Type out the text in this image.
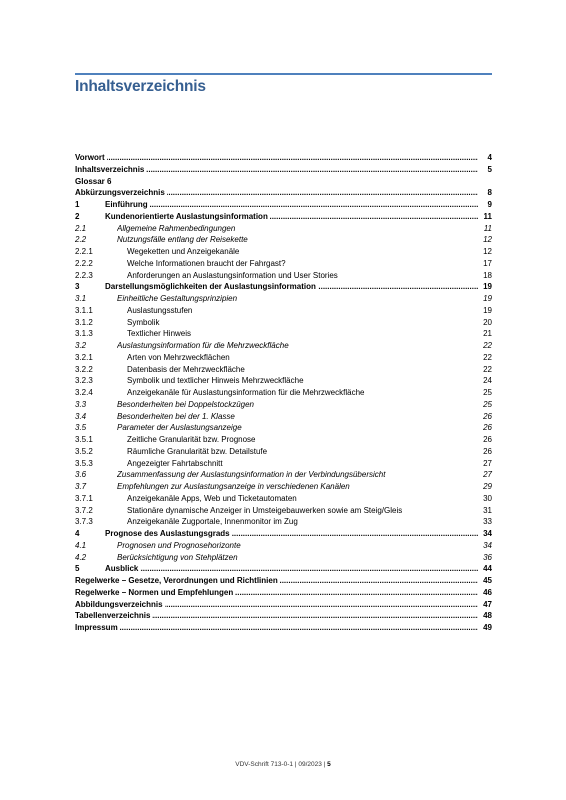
Inhaltsverzeichnis
Vorwort .....	4
Inhaltsverzeichnis .....	5
Glossar 6
Abkürzungsverzeichnis .....	8
1	Einführung .....	9
2	Kundenorientierte Auslastungsinformation .....	11
2.1	Allgemeine Rahmenbedingungen	11
2.2	Nutzungsfälle entlang der Reisekette	12
2.2.1	Wegeketten und Anzeigekanäle	12
2.2.2	Welche Informationen braucht der Fahrgast?	17
2.2.3	Anforderungen an Auslastungsinformation und User Stories	18
3	Darstellungsmöglichkeiten der Auslastungsinformation .....	19
3.1	Einheitliche Gestaltungsprinzipien	19
3.1.1	Auslastungsstufen	19
3.1.2	Symbolik	20
3.1.3	Textlicher Hinweis	21
3.2	Auslastungsinformation für die Mehrzweckfläche	22
3.2.1	Arten von Mehrzweckflächen	22
3.2.2	Datenbasis der Mehrzweckfläche	22
3.2.3	Symbolik und textlicher Hinweis Mehrzweckfläche	24
3.2.4	Anzeigekanäle für Auslastungsinformation für die Mehrzweckfläche	25
3.3	Besonderheiten bei Doppelstockzügen	25
3.4	Besonderheiten bei der 1. Klasse	26
3.5	Parameter der Auslastungsanzeige	26
3.5.1	Zeitliche Granularität bzw. Prognose	26
3.5.2	Räumliche Granularität bzw. Detailstufe	26
3.5.3	Angezeigter Fahrtabschnitt	27
3.6	Zusammenfassung der Auslastungsinformation in der Verbindungsübersicht	27
3.7	Empfehlungen zur Auslastungsanzeige in verschiedenen Kanälen	29
3.7.1	Anzeigekanäle Apps, Web und Ticketautomaten	30
3.7.2	Stationäre dynamische Anzeiger in Umsteigebauwerken sowie am Steig/Gleis	31
3.7.3	Anzeigekanäle Zugportale, Innenmonitor im Zug	33
4	Prognose des Auslastungsgrads .....	34
4.1	Prognosen und Prognosehorizonte	34
4.2	Berücksichtigung von Stehplätzen	36
5	Ausblick .....	44
Regelwerke – Gesetze, Verordnungen und Richtlinien .....	45
Regelwerke – Normen und Empfehlungen .....	46
Abbildungsverzeichnis .....	47
Tabellenverzeichnis .....	48
Impressum .....	49
VDV-Schrift 713-0-1 | 09/2023 | 5
